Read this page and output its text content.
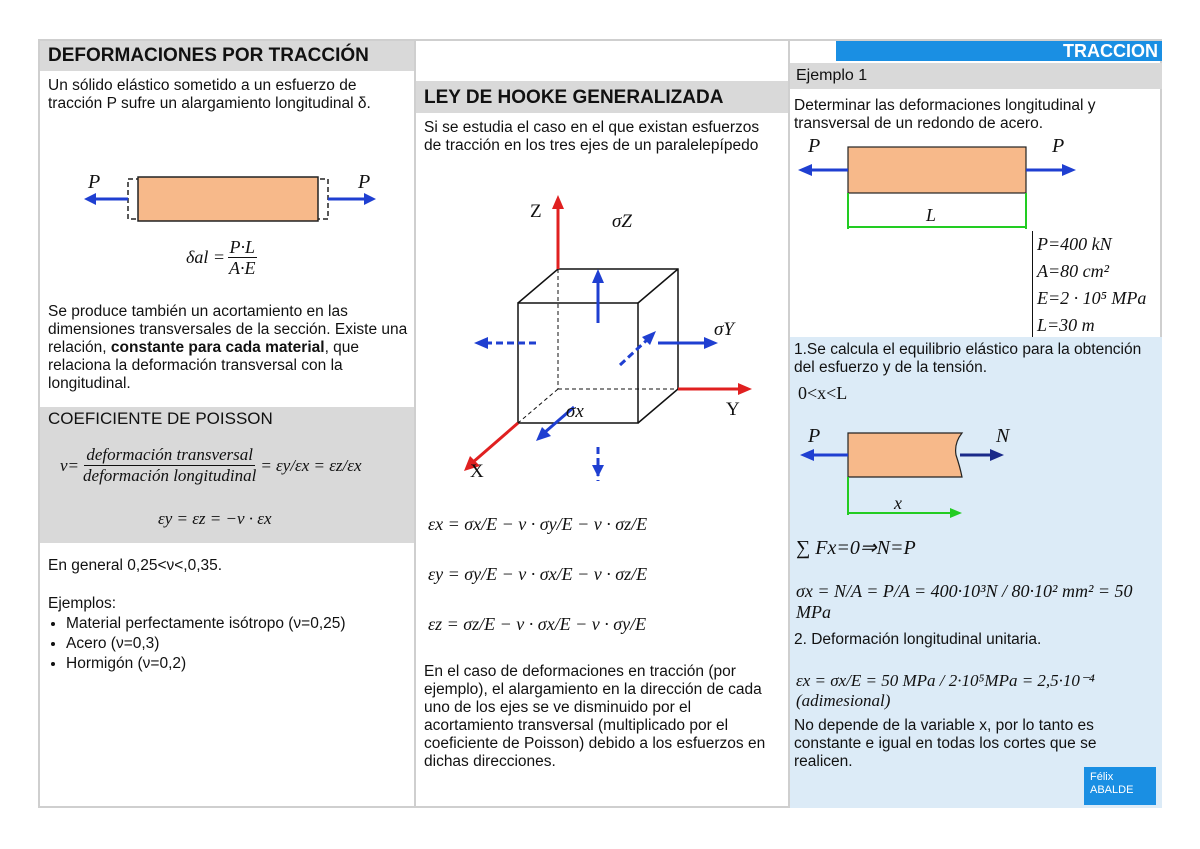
DEFORMACIONES POR TRACCIÓN
Un sólido elástico sometido a un esfuerzo de tracción P sufre un alargamiento longitudinal δ.
P	P
$\delta al = \frac{P\cdot L}{A\cdot E}$
Se produce también un acortamiento en las dimensiones transversales de la sección. Existe una relación, constante para cada material, que relaciona la deformación transversal con la longitudinal.
COEFICIENTE DE POISSON
$\nu= \frac{\text{deformación transversal}}{\text{deformación longitudinal}} = \varepsilon y/\varepsilon x = \varepsilon z/\varepsilon x$
εy = εz = −ν · εx
En general 0,25<ν<,0,35.
Ejemplos:
• Material perfectamente isótropo (ν=0,25)
• Acero (ν=0,3)
• Hormigón (ν=0,2)
LEY DE HOOKE GENERALIZADA
Si se estudia el caso en el que existan esfuerzos de tracción en los tres ejes de un paralelepípedo
Z	σZ
σY
Y
σx
X
εx = σx/E − ν · σy/E − ν · σz/E
εy = σy/E − ν · σx/E − ν · σz/E
εz = σz/E − ν · σx/E − ν · σy/E
En el caso de deformaciones en tracción (por ejemplo), el alargamiento en la dirección de cada uno de los ejes se ve disminuido por el acortamiento transversal (multiplicado por el coeficiente de Poisson) debido a los esfuerzos en dichas direcciones.
TRACCION
Ejemplo 1
Determinar las deformaciones longitudinal y transversal de un redondo de acero.
P	P
L
P=400 kN
A=80 cm²
E=2 · 10⁵ MPa
L=30 m
1.Se calcula el equilibrio elástico para la obtención del esfuerzo y de la tensión.
0<x<L
P	N
x
∑ Fx=0⇒N=P
σx = N/A = P/A = 400·10³N / 80·10² mm² = 50 MPa
2. Deformación longitudinal unitaria.
εx = σx/E = 50 MPa / 2·10⁵MPa = 2,5·10⁻⁴ (adimesional)
No depende de la variable x, por lo tanto es constante e igual en todas los cortes que se realicen.
Félix ABALDE
